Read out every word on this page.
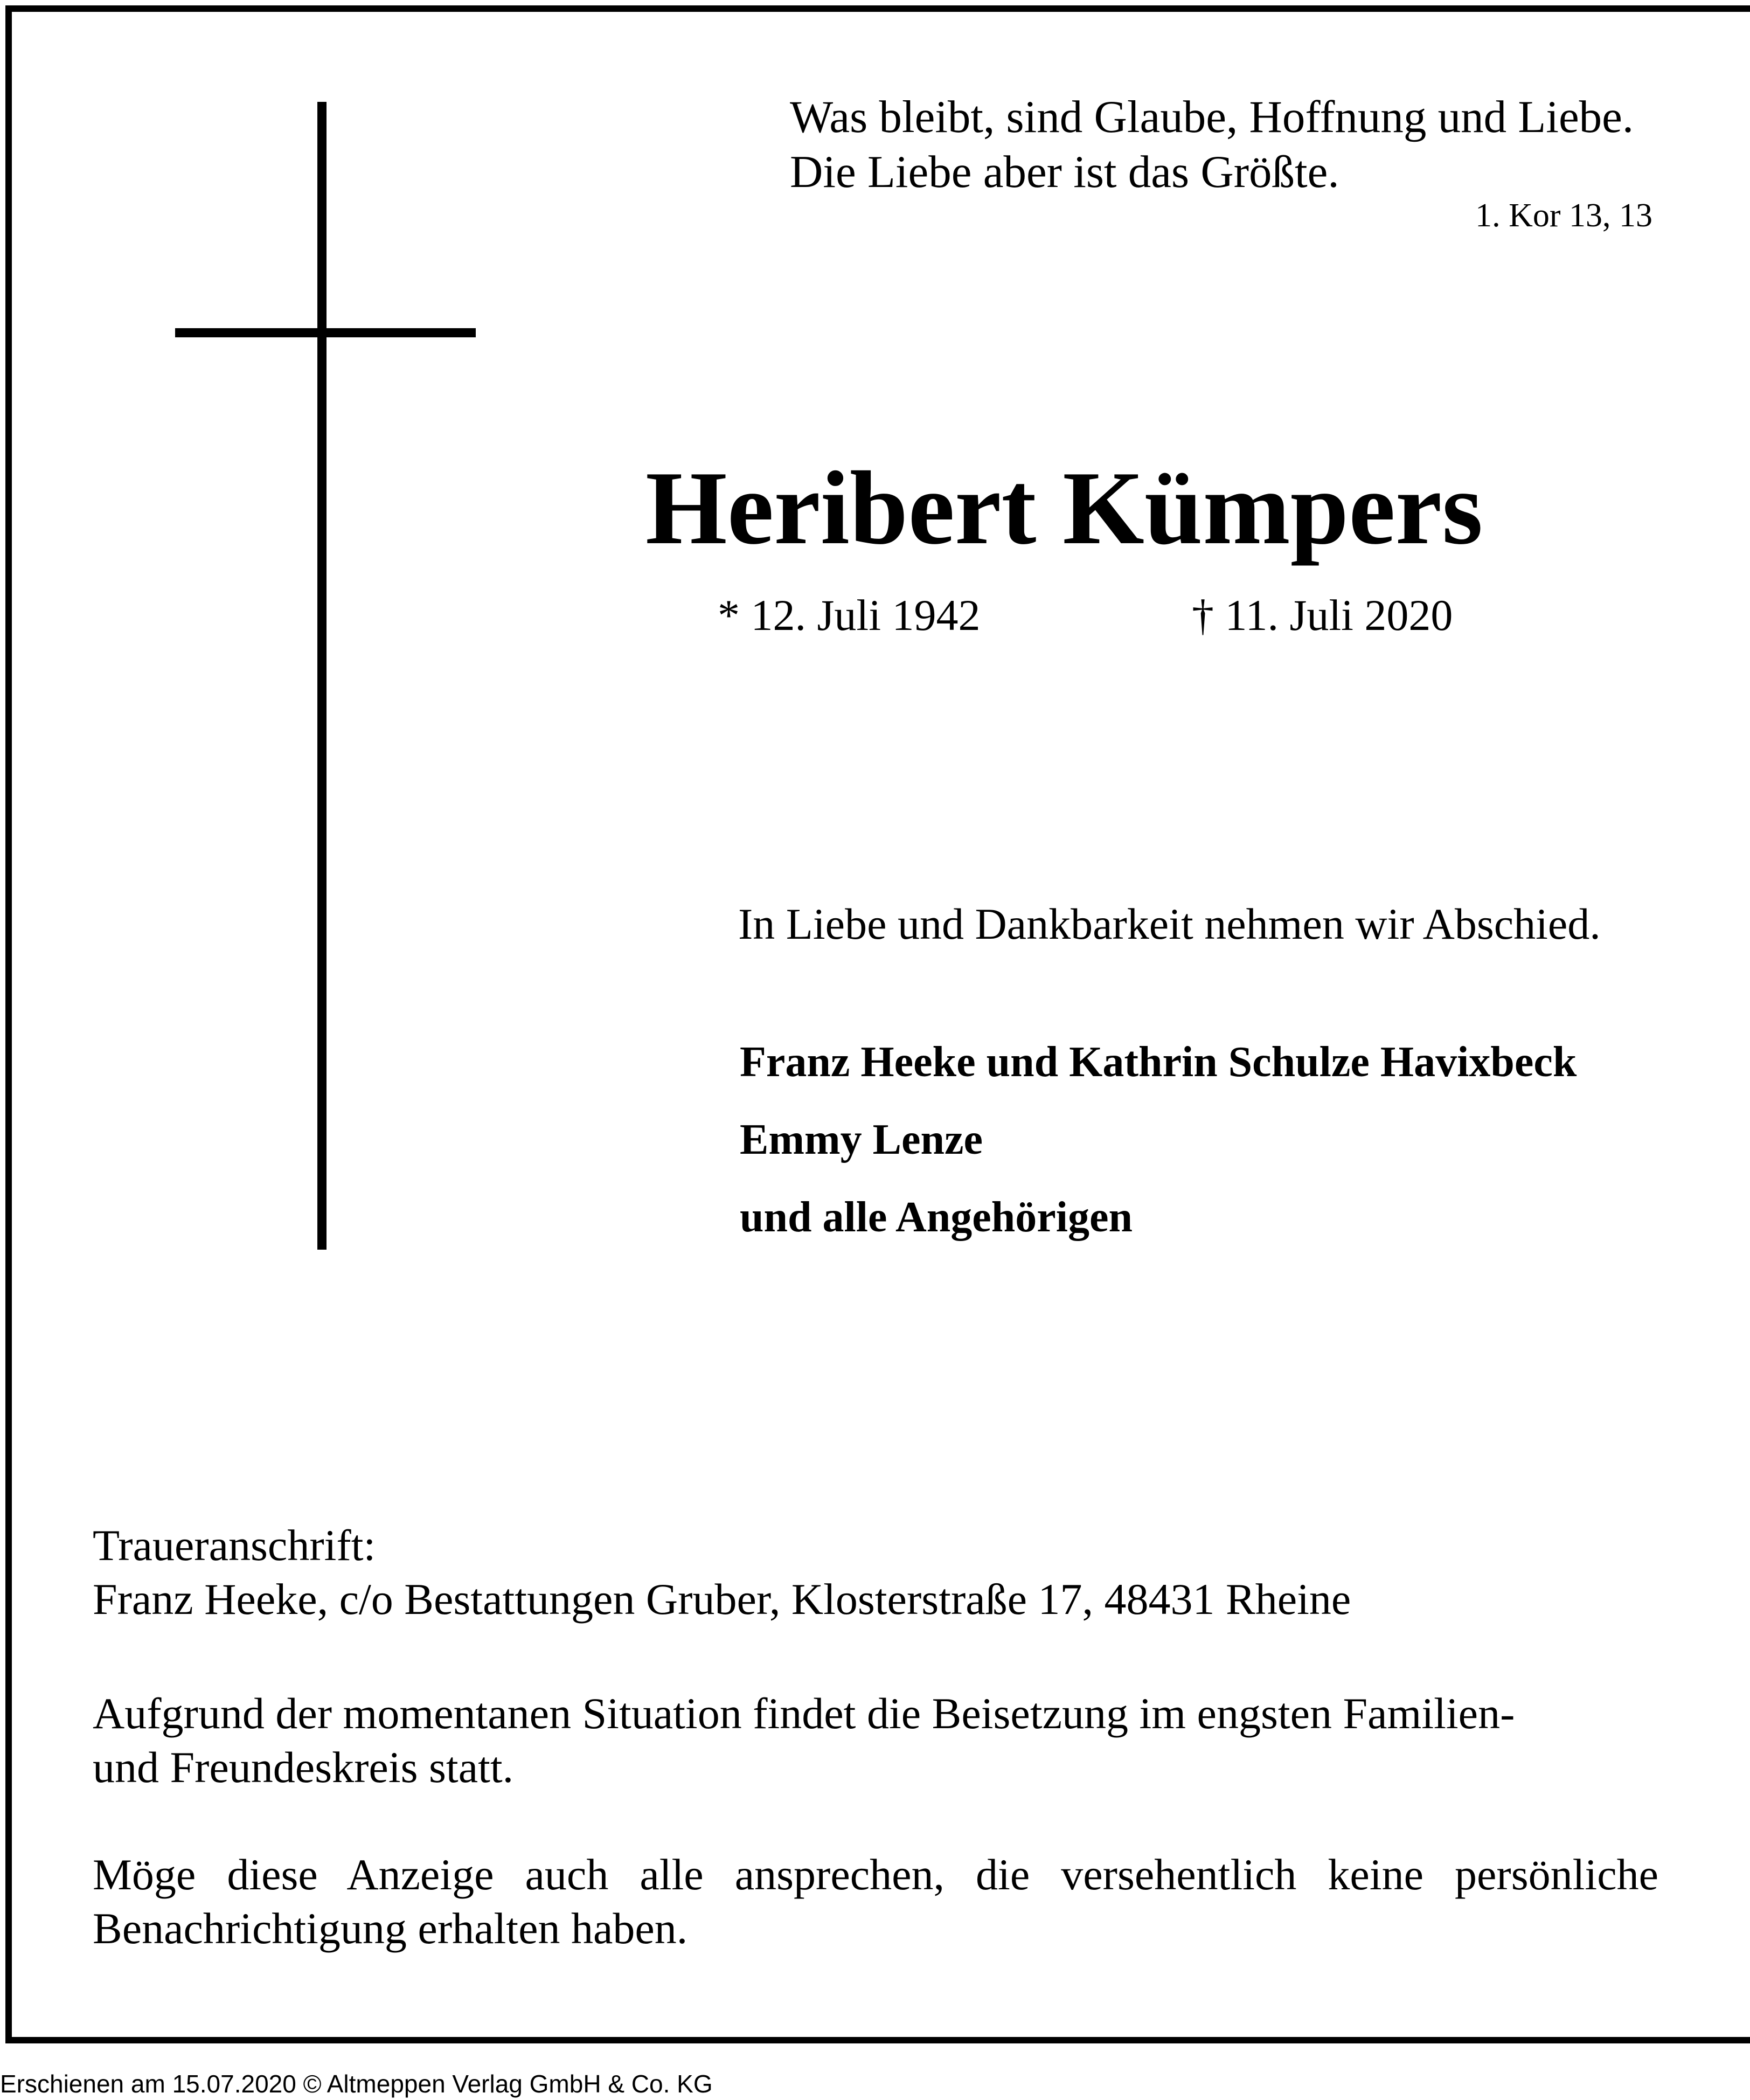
Was bleibt, sind Glaube, Hoffnung und Liebe.
Die Liebe aber ist das Größte.
1. Kor 13, 13
Heribert Kümpers
* 12. Juli 1942	† 11. Juli 2020
In Liebe und Dankbarkeit nehmen wir Abschied.
Franz Heeke und Kathrin Schulze Havixbeck
Emmy Lenze
und alle Angehörigen
Traueranschrift:
Franz Heeke, c/o Bestattungen Gruber, Klosterstraße 17, 48431 Rheine
Aufgrund der momentanen Situation findet die Beisetzung im engsten Familien-
und Freundeskreis statt.
Möge diese Anzeige auch alle ansprechen, die versehentlich keine persönliche
Benachrichtigung erhalten haben.
Erschienen am 15.07.2020 © Altmeppen Verlag GmbH & Co. KG
